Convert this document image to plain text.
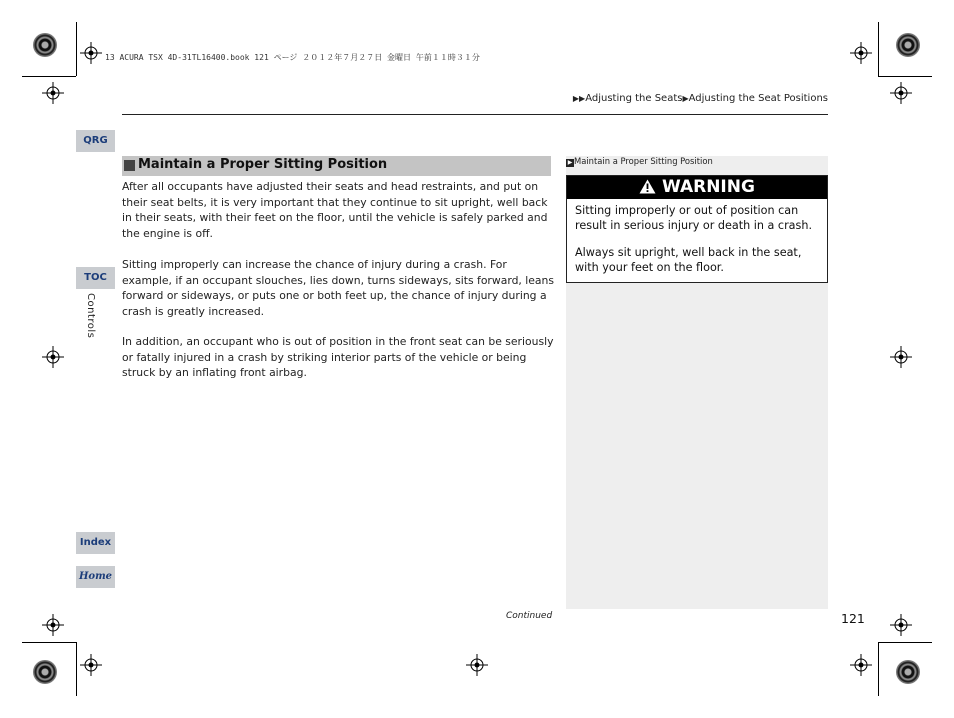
13 ACURA TSX 4D-31TL16400.book 121 ページ ２０１２年７月２７日 金曜日 午前１１時３１分
▶▶Adjusting the Seats▶Adjusting the Seat Positions
QRG
TOC
Controls
Index
Home
Maintain a Proper Sitting Position

After all occupants have adjusted their seats and head restraints, and put on their seat belts, it is very important that they continue to sit upright, well back in their seats, with their feet on the floor, until the vehicle is safely parked and the engine is off.

Sitting improperly can increase the chance of injury during a crash. For example, if an occupant slouches, lies down, turns sideways, sits forward, leans forward or sideways, or puts one or both feet up, the chance of injury during a crash is greatly increased.

In addition, an occupant who is out of position in the front seat can be seriously or fatally injured in a crash by striking interior parts of the vehicle or being struck by an inflating front airbag.

▶ Maintain a Proper Sitting Position
WARNING

Sitting improperly or out of position can result in serious injury or death in a crash.

Always sit upright, well back in the seat, with your feet on the floor.

Continued	121
